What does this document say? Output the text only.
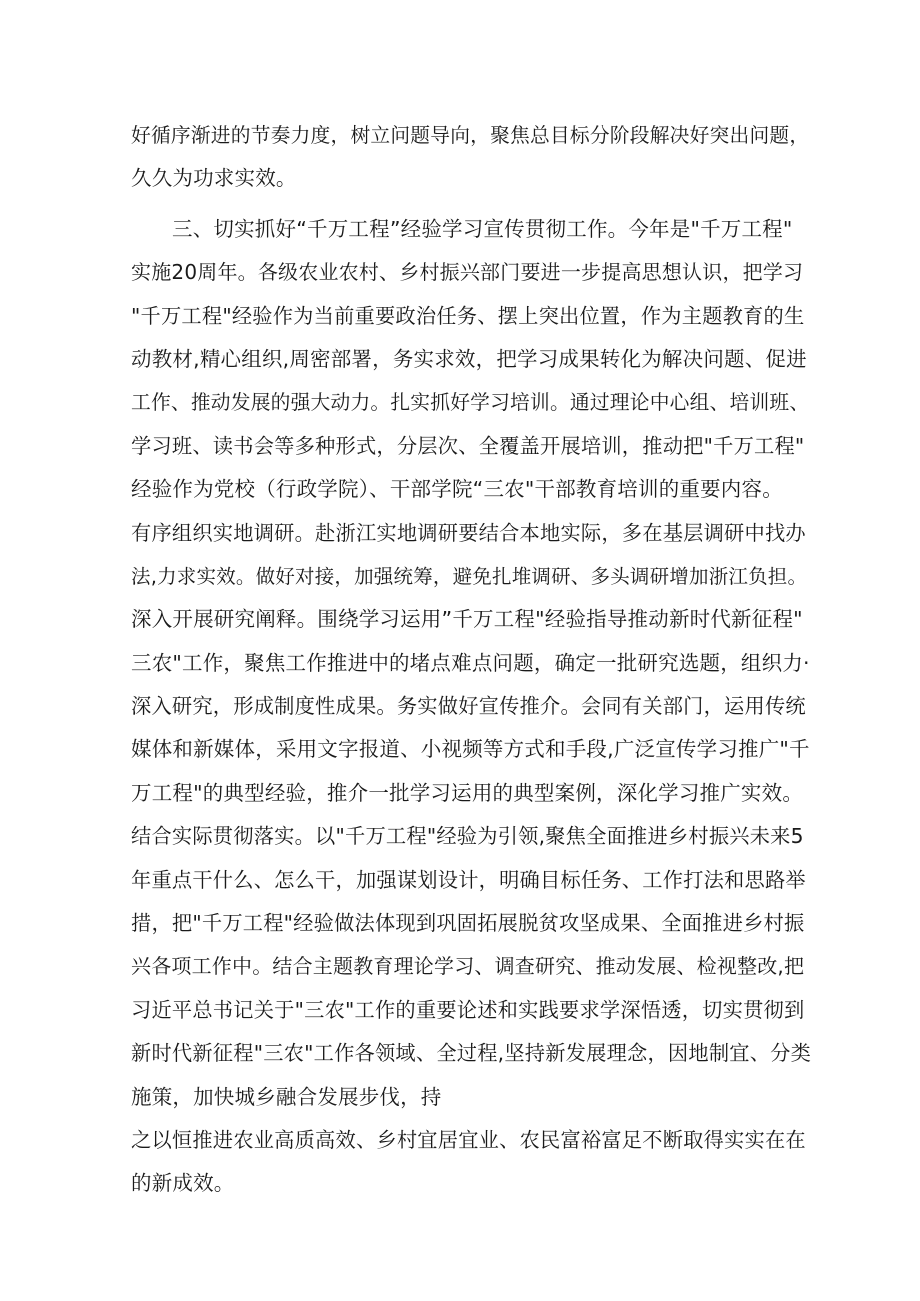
好循序渐进的节奏力度，树立问题导向，聚焦总目标分阶段解决好突出问题，
久久为功求实效。
三、切实抓好“千万工程”经验学习宣传贯彻工作。今年是"千万工程"
实施20周年。各级农业农村、乡村振兴部门要进一步提高思想认识，把学习
"千万工程"经验作为当前重要政治任务、摆上突出位置，作为主题教育的生
动教材,精心组织,周密部署，务实求效，把学习成果转化为解决问题、促进
工作、推动发展的强大动力。扎实抓好学习培训。通过理论中心组、培训班、
学习班、读书会等多种形式，分层次、全覆盖开展培训，推动把"千万工程"
经验作为党校（行政学院）、干部学院“三农"干部教育培训的重要内容。
有序组织实地调研。赴浙江实地调研要结合本地实际，多在基层调研中找办
法,力求实效。做好对接，加强统筹，避免扎堆调研、多头调研增加浙江负担。
深入开展研究阐释。围绕学习运用”千万工程"经验指导推动新时代新征程"
三农"工作，聚焦工作推进中的堵点难点问题，确定一批研究选题，组织力·
深入研究，形成制度性成果。务实做好宣传推介。会同有关部门，运用传统
媒体和新媒体，采用文字报道、小视频等方式和手段,广泛宣传学习推广"千
万工程"的典型经验，推介一批学习运用的典型案例，深化学习推广实效。
结合实际贯彻落实。以"千万工程"经验为引领,聚焦全面推进乡村振兴未来5
年重点干什么、怎么干，加强谋划设计，明确目标任务、工作打法和思路举
措，把"千万工程"经验做法体现到巩固拓展脱贫攻坚成果、全面推进乡村振
兴各项工作中。结合主题教育理论学习、调查研究、推动发展、检视整改,把
习近平总书记关于"三农"工作的重要论述和实践要求学深悟透，切实贯彻到
新时代新征程"三农"工作各领域、全过程,坚持新发展理念，因地制宜、分类
施策，加快城乡融合发展步伐，持
之以恒推进农业高质高效、乡村宜居宜业、农民富裕富足不断取得实实在在
的新成效。
